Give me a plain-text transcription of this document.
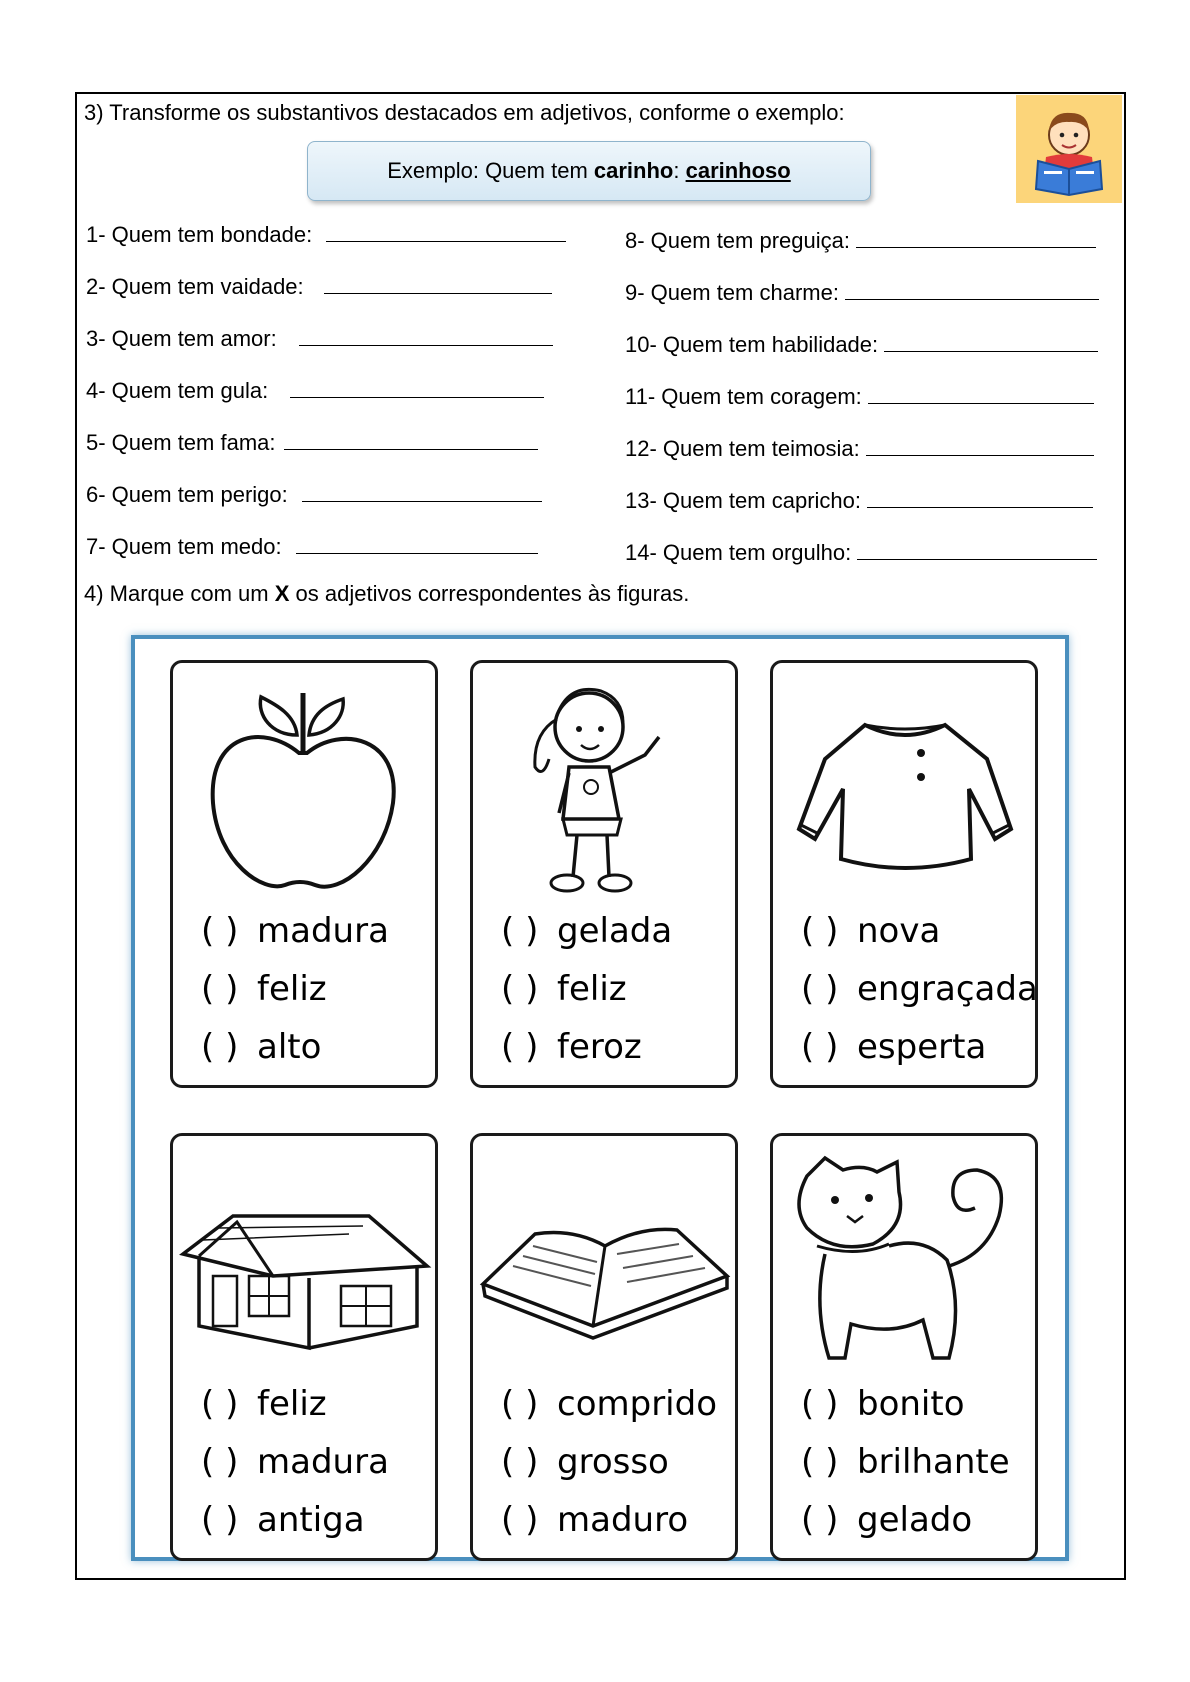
3) Transforme os substantivos destacados em adjetivos, conforme o exemplo:
Exemplo: Quem tem carinho: carinhoso
1- Quem tem bondade:
2- Quem tem vaidade:
3- Quem tem amor:
4- Quem tem gula:
5- Quem tem fama:
6- Quem tem perigo:
7- Quem tem medo:
8- Quem tem preguiça:
9- Quem tem charme:
10- Quem tem habilidade:
11- Quem tem coragem:
12- Quem tem teimosia:
13- Quem tem capricho:
14- Quem tem orgulho:
4) Marque com um X os adjetivos correspondentes às figuras.
( ) madura
( ) feliz
( ) alto
( ) gelada
( ) feliz
( ) feroz
( ) nova
( ) engraçada
( ) esperta
( ) feliz
( ) madura
( ) antiga
( ) comprido
( ) grosso
( ) maduro
( ) bonito
( ) brilhante
( ) gelado
